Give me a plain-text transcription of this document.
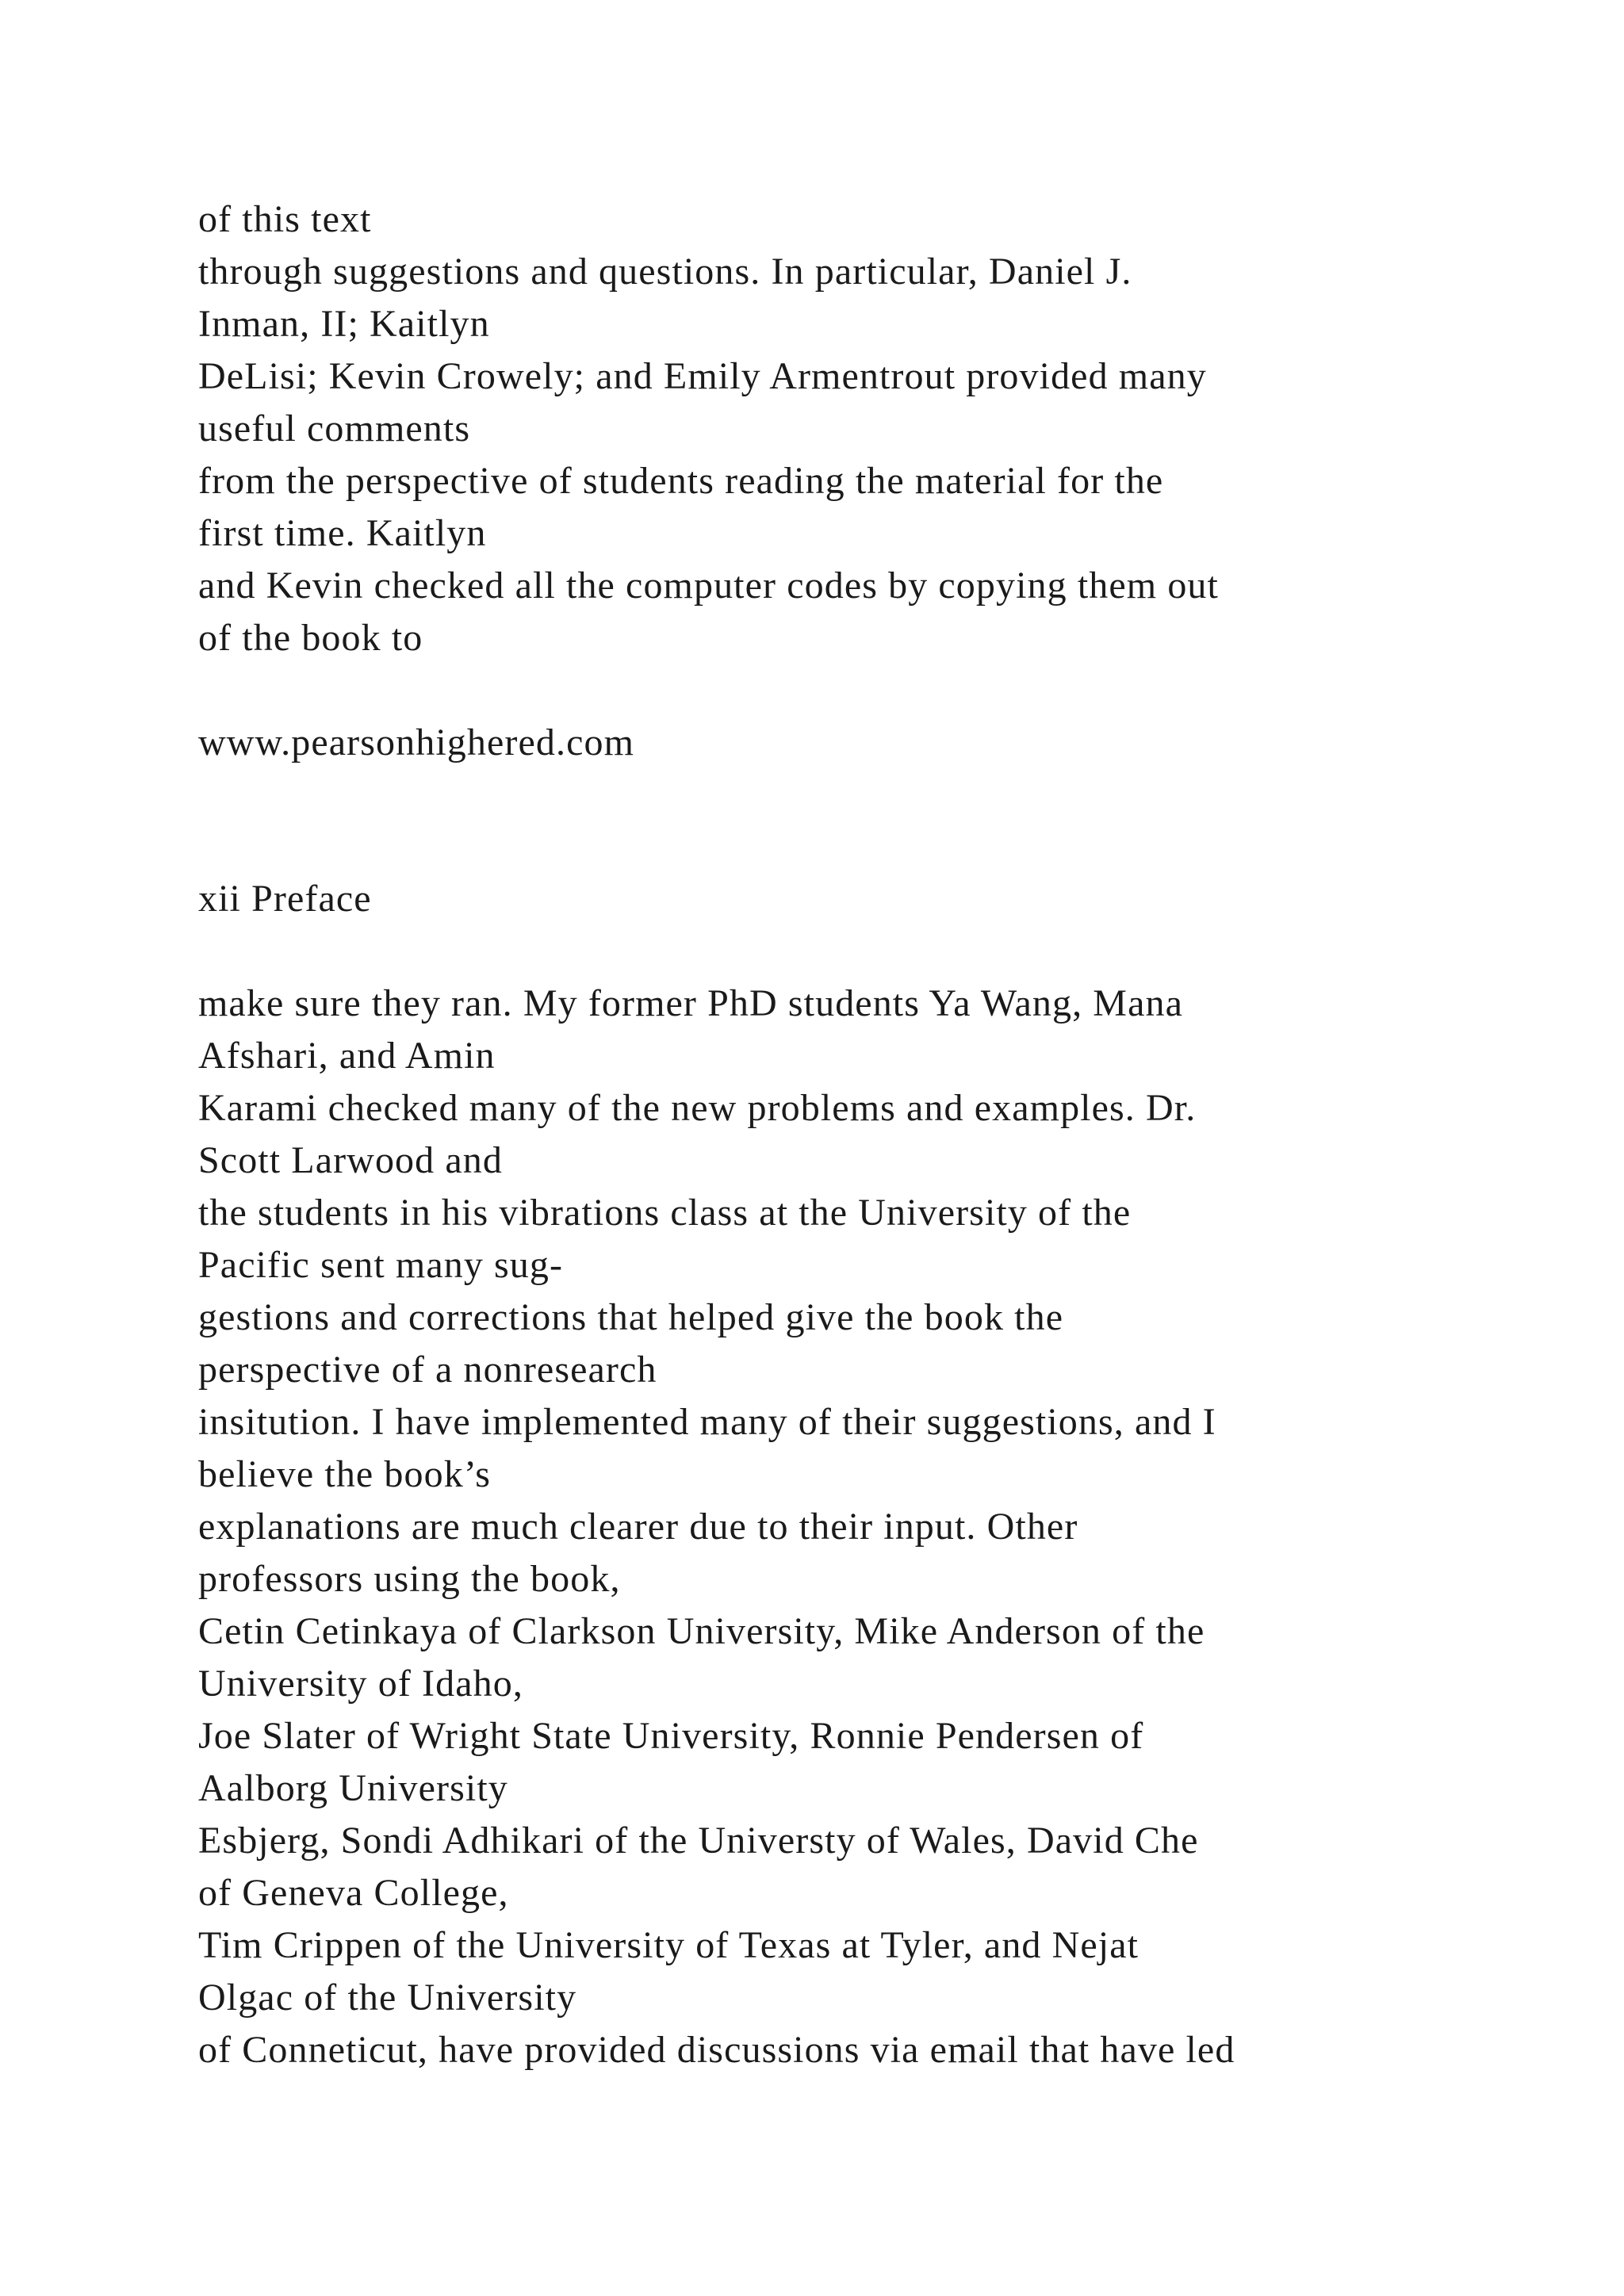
of this text

through suggestions and questions. In particular, Daniel J.

Inman, II; Kaitlyn

DeLisi; Kevin Crowely; and Emily Armentrout provided many

useful comments

from the perspective of students reading the material for the

first time. Kaitlyn

and Kevin checked all the computer codes by copying them out

of the book to

www.pearsonhighered.com

xii Preface

make sure they ran. My former PhD students Ya Wang, Mana

Afshari, and Amin

Karami checked many of the new problems and examples. Dr.

Scott Larwood and

the students in his vibrations class at the University of the

Pacific sent many sug-

gestions and corrections that helped give the book the

perspective of a nonresearch

insitution. I have implemented many of their suggestions, and I

believe the book’s

explanations are much clearer due to their input. Other

professors using the book,

Cetin Cetinkaya of Clarkson University, Mike Anderson of the

University of Idaho,

Joe Slater of Wright State University, Ronnie Pendersen of

Aalborg University

Esbjerg, Sondi Adhikari of the Universty of Wales, David Che

of Geneva College,

Tim Crippen of the University of Texas at Tyler, and Nejat

Olgac of the University

of Conneticut, have provided discussions via email that have led
